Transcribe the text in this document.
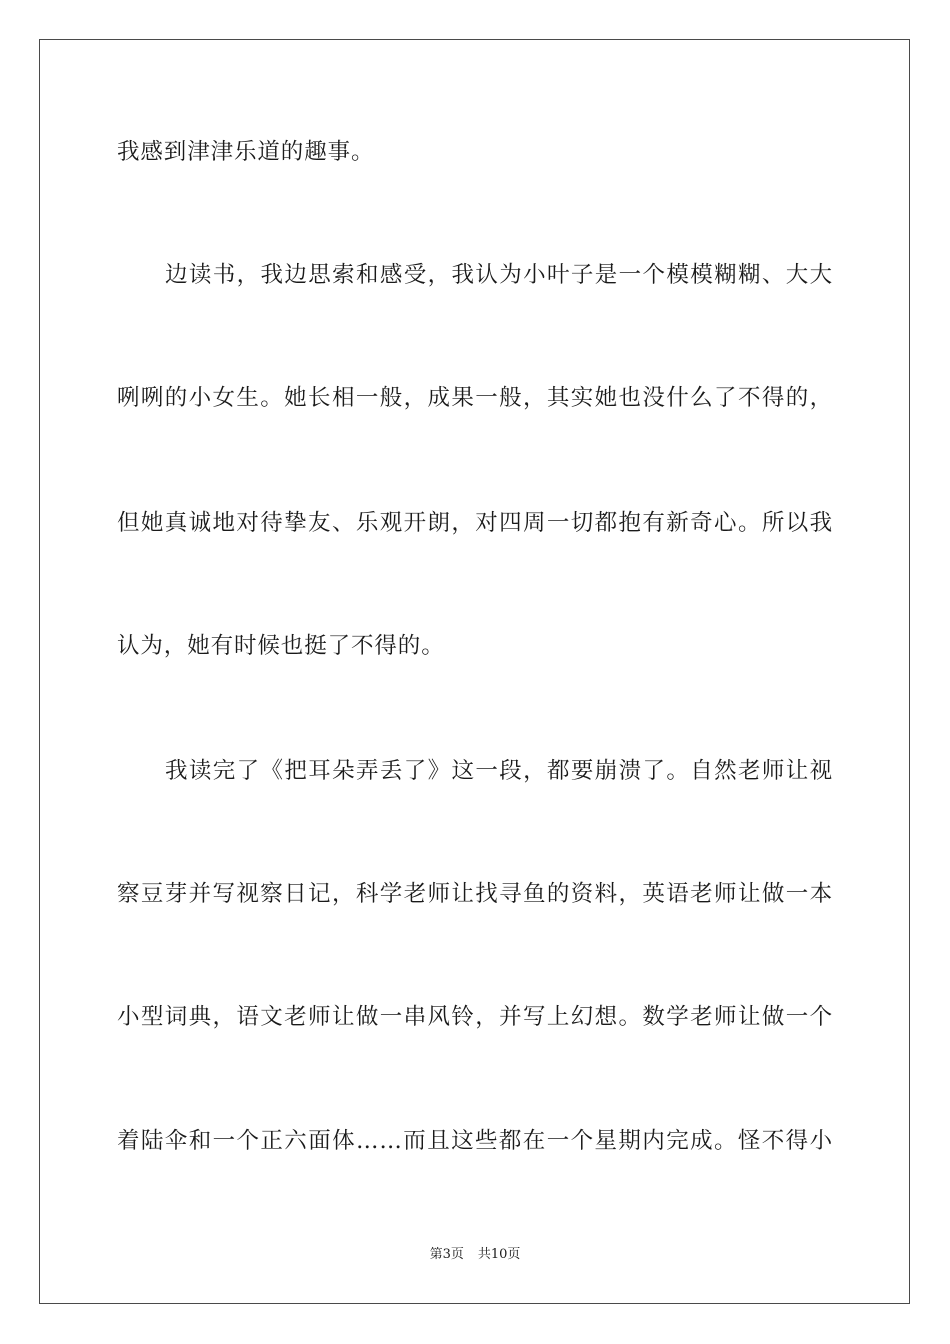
我感到津津乐道的趣事。
边读书，我边思索和感受，我认为小叶子是一个模模糊糊、大大
咧咧的小女生。她长相一般，成果一般，其实她也没什么了不得的，
但她真诚地对待挚友、乐观开朗，对四周一切都抱有新奇心。所以我
认为，她有时候也挺了不得的。
我读完了《把耳朵弄丢了》这一段，都要崩溃了。自然老师让视
察豆芽并写视察日记，科学老师让找寻鱼的资料，英语老师让做一本
小型词典，语文老师让做一串风铃，并写上幻想。数学老师让做一个
着陆伞和一个正六面体……而且这些都在一个星期内完成。怪不得小
第3页 共10页
